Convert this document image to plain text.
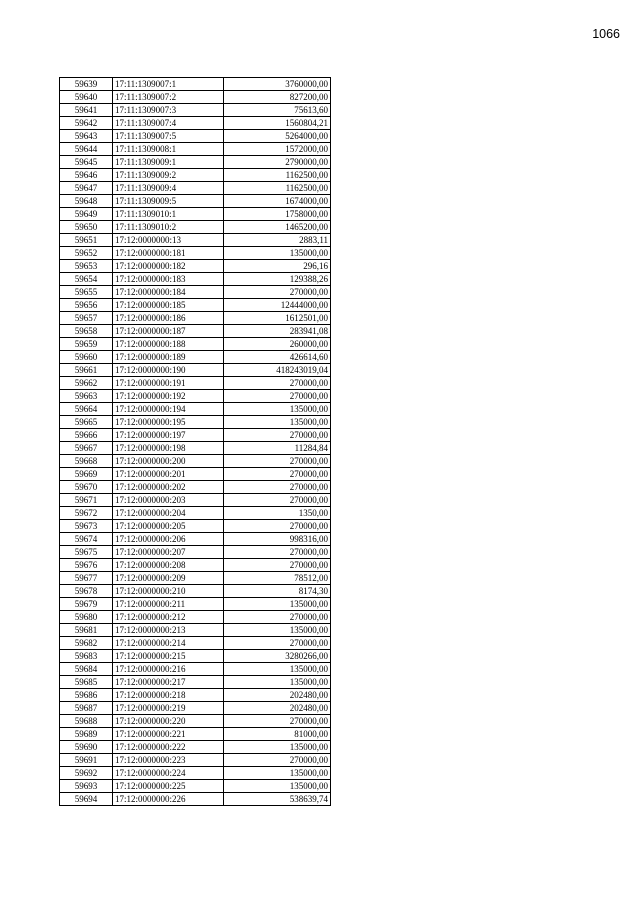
1066
59639	17:11:1309007:1	3760000,00
59640	17:11:1309007:2	827200,00
59641	17:11:1309007:3	75613,60
59642	17:11:1309007:4	1560804,21
59643	17:11:1309007:5	5264000,00
59644	17:11:1309008:1	1572000,00
59645	17:11:1309009:1	2790000,00
59646	17:11:1309009:2	1162500,00
59647	17:11:1309009:4	1162500,00
59648	17:11:1309009:5	1674000,00
59649	17:11:1309010:1	1758000,00
59650	17:11:1309010:2	1465200,00
59651	17:12:0000000:13	2883,11
59652	17:12:0000000:181	135000,00
59653	17:12:0000000:182	296,16
59654	17:12:0000000:183	129388,26
59655	17:12:0000000:184	270000,00
59656	17:12:0000000:185	12444000,00
59657	17:12:0000000:186	1612501,00
59658	17:12:0000000:187	283941,08
59659	17:12:0000000:188	260000,00
59660	17:12:0000000:189	426614,60
59661	17:12:0000000:190	418243019,04
59662	17:12:0000000:191	270000,00
59663	17:12:0000000:192	270000,00
59664	17:12:0000000:194	135000,00
59665	17:12:0000000:195	135000,00
59666	17:12:0000000:197	270000,00
59667	17:12:0000000:198	11284,84
59668	17:12:0000000:200	270000,00
59669	17:12:0000000:201	270000,00
59670	17:12:0000000:202	270000,00
59671	17:12:0000000:203	270000,00
59672	17:12:0000000:204	1350,00
59673	17:12:0000000:205	270000,00
59674	17:12:0000000:206	998316,00
59675	17:12:0000000:207	270000,00
59676	17:12:0000000:208	270000,00
59677	17:12:0000000:209	78512,00
59678	17:12:0000000:210	8174,30
59679	17:12:0000000:211	135000,00
59680	17:12:0000000:212	270000,00
59681	17:12:0000000:213	135000,00
59682	17:12:0000000:214	270000,00
59683	17:12:0000000:215	3280266,00
59684	17:12:0000000:216	135000,00
59685	17:12:0000000:217	135000,00
59686	17:12:0000000:218	202480,00
59687	17:12:0000000:219	202480,00
59688	17:12:0000000:220	270000,00
59689	17:12:0000000:221	81000,00
59690	17:12:0000000:222	135000,00
59691	17:12:0000000:223	270000,00
59692	17:12:0000000:224	135000,00
59693	17:12:0000000:225	135000,00
59694	17:12:0000000:226	538639,74
